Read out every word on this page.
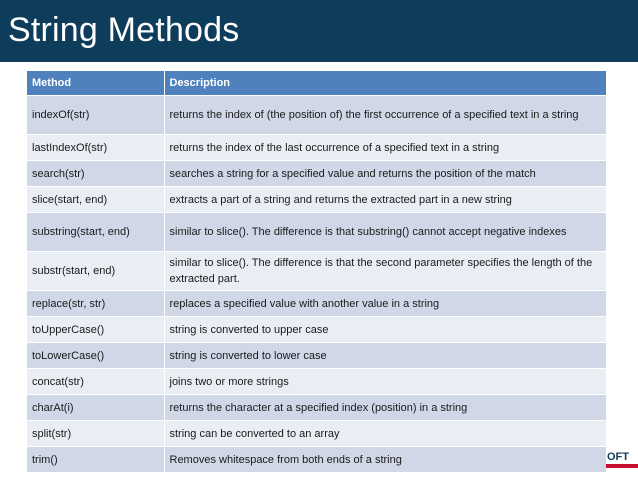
String Methods
Method	Description
indexOf(str)	returns the index of (the position of) the first occurrence of a specified text in a string
lastIndexOf(str)	returns the index of the last occurrence of a specified text in a string
search(str)	searches a string for a specified value and returns the position of the match
slice(start, end)	extracts a part of a string and returns the extracted part in a new string
substring(start, end)	similar to slice(). The difference is that substring() cannot accept negative indexes
substr(start, end)	similar to slice(). The difference is that the second parameter specifies the length of the extracted part.
replace(str, str)	replaces a specified value with another value in a string
toUpperCase()	string is converted to upper case
toLowerCase()	string is converted to lower case
concat(str)	joins two or more strings
charAt(i)	returns the character at a specified index (position) in a string
split(str)	string can be converted to an array
trim()	Removes whitespace from both ends of a string	OFT
